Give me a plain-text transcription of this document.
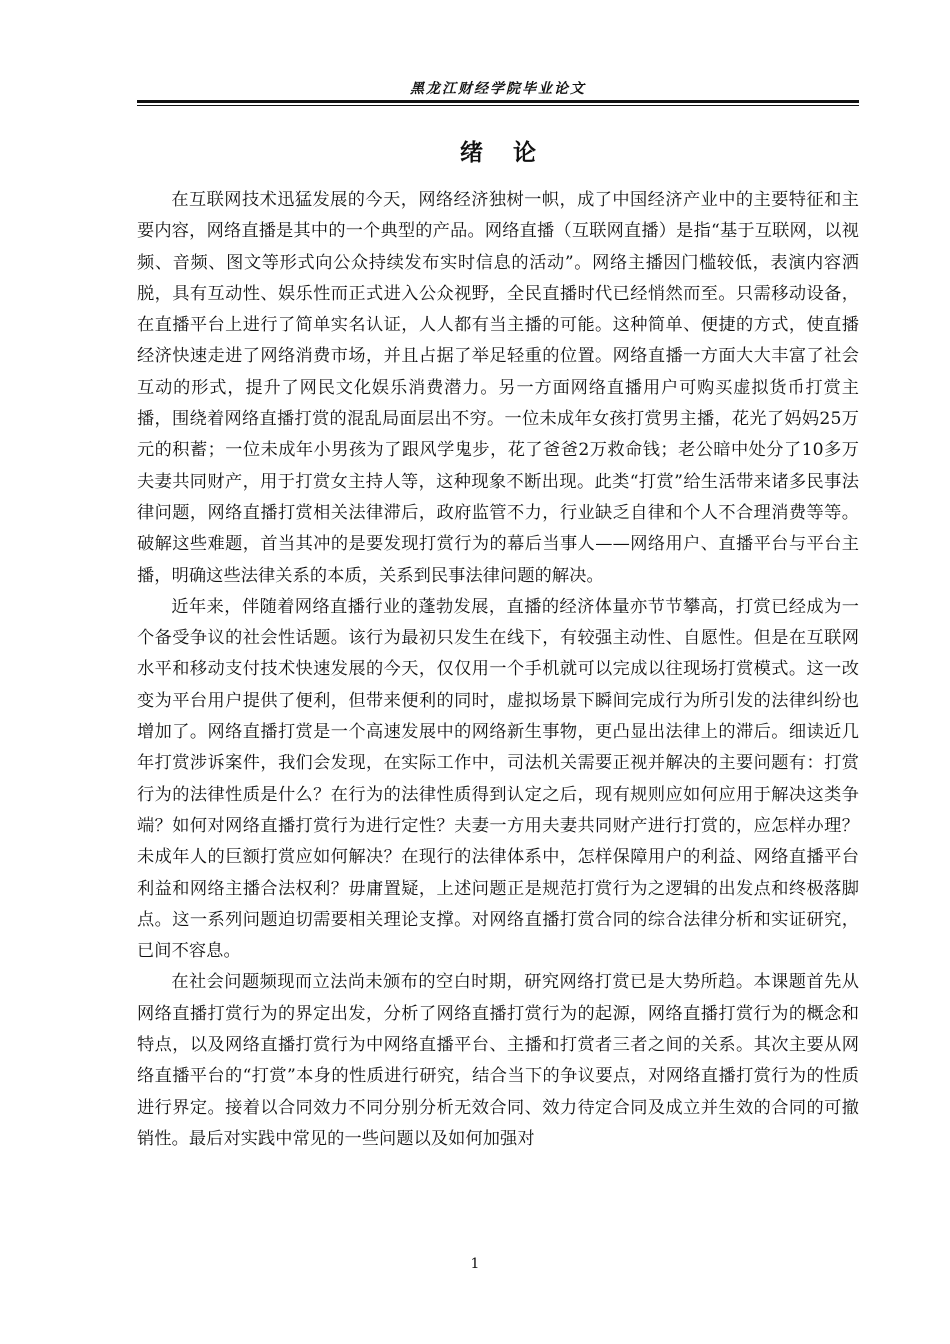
黑龙江财经学院毕业论文
绪论

在互联网技术迅猛发展的今天，网络经济独树一帜，成了中国经济产业中的主要特征和主要内容，网络直播是其中的一个典型的产品。网络直播（互联网直播）是指“基于互联网，以视频、音频、图文等形式向公众持续发布实时信息的活动”。网络主播因门槛较低，表演内容洒脱，具有互动性、娱乐性而正式进入公众视野，全民直播时代已经悄然而至。只需移动设备，在直播平台上进行了简单实名认证，人人都有当主播的可能。这种简单、便捷的方式，使直播经济快速走进了网络消费市场，并且占据了举足轻重的位置。网络直播一方面大大丰富了社会互动的形式，提升了网民文化娱乐消费潜力。另一方面网络直播用户可购买虚拟货币打赏主播，围绕着网络直播打赏的混乱局面层出不穷。一位未成年女孩打赏男主播，花光了妈妈25万元的积蓄；一位未成年小男孩为了跟风学鬼步，花了爸爸2万救命钱；老公暗中处分了10多万夫妻共同财产，用于打赏女主持人等，这种现象不断出现。此类“打赏”给生活带来诸多民事法律问题，网络直播打赏相关法律滞后，政府监管不力，行业缺乏自律和个人不合理消费等等。破解这些难题，首当其冲的是要发现打赏行为的幕后当事人——网络用户、直播平台与平台主播，明确这些法律关系的本质，关系到民事法律问题的解决。

近年来，伴随着网络直播行业的蓬勃发展，直播的经济体量亦节节攀高，打赏已经成为一个备受争议的社会性话题。该行为最初只发生在线下，有较强主动性、自愿性。但是在互联网水平和移动支付技术快速发展的今天，仅仅用一个手机就可以完成以往现场打赏模式。这一改变为平台用户提供了便利，但带来便利的同时，虚拟场景下瞬间完成行为所引发的法律纠纷也增加了。网络直播打赏是一个高速发展中的网络新生事物，更凸显出法律上的滞后。细读近几年打赏涉诉案件，我们会发现，在实际工作中，司法机关需要正视并解决的主要问题有：打赏行为的法律性质是什么？在行为的法律性质得到认定之后，现有规则应如何应用于解决这类争端？如何对网络直播打赏行为进行定性？夫妻一方用夫妻共同财产进行打赏的，应怎样办理？未成年人的巨额打赏应如何解决？在现行的法律体系中，怎样保障用户的利益、网络直播平台利益和网络主播合法权利？毋庸置疑，上述问题正是规范打赏行为之逻辑的出发点和终极落脚点。这一系列问题迫切需要相关理论支撑。对网络直播打赏合同的综合法律分析和实证研究，已间不容息。

在社会问题频现而立法尚未颁布的空白时期，研究网络打赏已是大势所趋。本课题首先从网络直播打赏行为的界定出发，分析了网络直播打赏行为的起源，网络直播打赏行为的概念和特点，以及网络直播打赏行为中网络直播平台、主播和打赏者三者之间的关系。其次主要从网络直播平台的“打赏”本身的性质进行研究，结合当下的争议要点，对网络直播打赏行为的性质进行界定。接着以合同效力不同分别分析无效合同、效力待定合同及成立并生效的合同的可撤销性。最后对实践中常见的一些问题以及如何加强对

1
